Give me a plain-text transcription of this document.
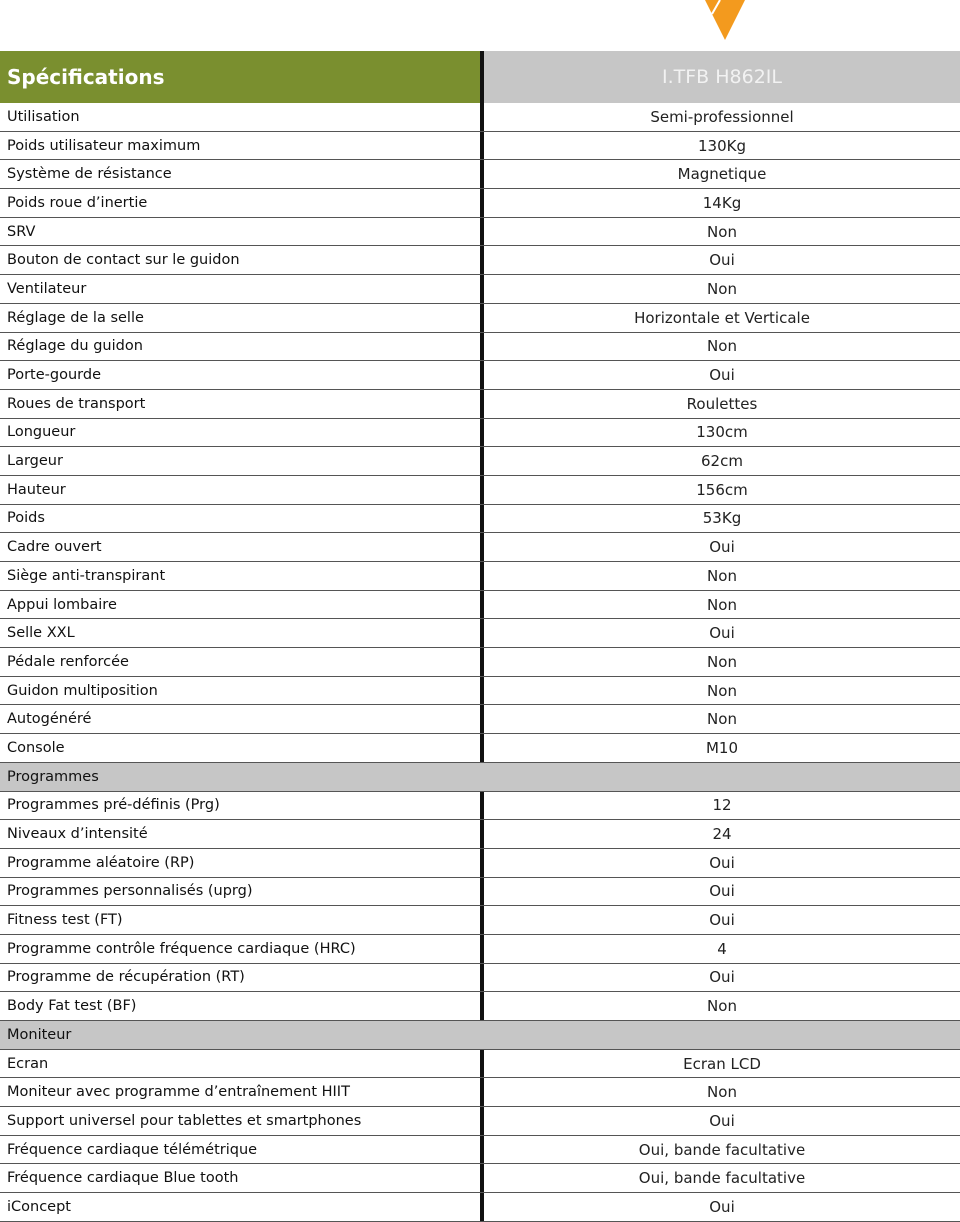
Spécifications	I.TFB H862IL
Utilisation	Semi-professionnel
Poids utilisateur maximum	130Kg
Système de résistance	Magnetique
Poids roue d’inertie	14Kg
SRV	Non
Bouton de contact sur le guidon	Oui
Ventilateur	Non
Réglage de la selle	Horizontale et Verticale
Réglage du guidon	Non
Porte-gourde	Oui
Roues de transport	Roulettes
Longueur	130cm
Largeur	62cm
Hauteur	156cm
Poids	53Kg
Cadre ouvert	Oui
Siège anti-transpirant	Non
Appui lombaire	Non
Selle XXL	Oui
Pédale renforcée	Non
Guidon multiposition	Non
Autogénéré	Non
Console	M10
Programmes
Programmes pré-définis (Prg)	12
Niveaux d’intensité	24
Programme aléatoire (RP)	Oui
Programmes personnalisés (uprg)	Oui
Fitness test (FT)	Oui
Programme contrôle fréquence cardiaque (HRC)	4
Programme de récupération (RT)	Oui
Body Fat test (BF)	Non
Moniteur
Ecran	Ecran LCD
Moniteur avec programme d’entraînement HIIT	Non
Support universel pour tablettes et smartphones	Oui
Fréquence cardiaque télémétrique	Oui, bande facultative
Fréquence cardiaque Blue tooth	Oui, bande facultative
iConcept	Oui
